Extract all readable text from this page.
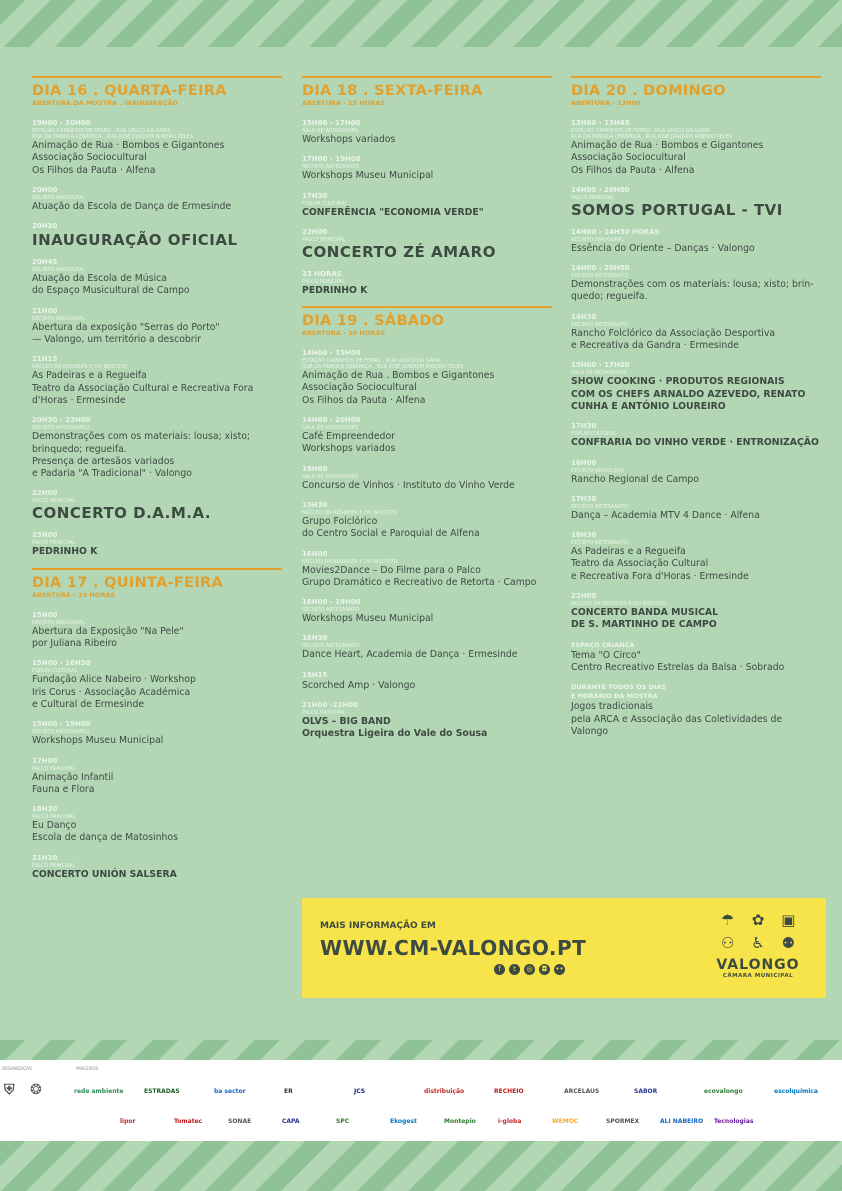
DIA 16 . QUARTA-FEIRA
ABERTURA DA MOSTRA . INAUGURAÇÃO
19H00 › 20H00
ESTAÇÃO CAMINHOS DE FERRO . RUA VASCO DA GAMA
RUA DA FÁBRICA CERÂMICA . RUA JOSÉ JOAQUIM RIBEIRO TELES
Animação de Rua · Bombos e Gigantones
Associação Sociocultural
Os Filhos da Pauta · Alfena
20H00
RECINTO INAUGURAL
Atuação da Escola de Dança de Ermesinde
20H30
INAUGURAÇÃO OFICIAL
20H45
RECINTO INAUGURAL
Atuação da Escola de Música
do Espaço Musicultural de Campo
21H00
RECINTO INAUGURAL
Abertura da exposição "Serras do Porto"
— Valongo, um território a descobrir
21H15
NÚCLEO DA REGUEIFA E DO BISCOITO
As Padeiras e a Regueifa
Teatro da Associação Cultural e Recreativa Fora
d'Horas · Ermesinde
20H30 › 23H00
RECINTO ARTESANATO
Demonstrações com os materiais: lousa; xisto;
brinquedo; regueifa.
Presença de artesãos variados
e Padaria "A Tradicional" · Valongo
22H00
PALCO PRINCIPAL
CONCERTO D.A.M.A.
23H00
PALCO PRINCIPAL
PEDRINHO K
DIA 17 . QUINTA-FEIRA
ABERTURA › 15 HORAS
15H00
RECINTO INAUGURAL
Abertura da Exposição "Na Pele"
por Juliana Ribeiro
15H00 › 16H30
FÓRUM CULTURAL
Fundação Alice Nabeiro · Workshop
Iris Corus · Associação Académica
e Cultural de Ermesinde
15H00 › 19H00
RECINTO ARTESANATO
Workshops Museu Municipal
17H00
PALCO PRINCIPAL
Animação Infantil
Fauna e Flora
18H30
PALCO PRINCIPAL
Eu Danço
Escola de dança de Matosinhos
21H30
PALCO PRINCIPAL
CONCERTO UNIÓN SALSERA
DIA 18 . SEXTA-FEIRA
ABERTURA › 15 HORAS
15H00 › 17H00
SALA DE WORKSHOPS
Workshops variados
17H00 › 19H00
RECINTO ARTESANATO
Workshops Museu Municipal
17H30
FÓRUM CULTURAL
CONFERÊNCIA "ECONOMIA VERDE"
22H00
PALCO PRINCIPAL
CONCERTO ZÉ AMARO
23 HORAS
PALCO PRINCIPAL
PEDRINHO K
DIA 19 . SÁBADO
ABERTURA › 10 HORAS
14H00 › 15H00
ESTAÇÃO CAMINHOS DE FERRO . RUA VASCO DA GAMA
RUA DA FÁBRICA CERÂMICA . RUA JOSÉ JOAQUIM RIBEIRO TELES
Animação de Rua . Bombos e Gigantones
Associação Sociocultural
Os Filhos da Pauta · Alfena
14H00 › 20H00
SALA DE WORKSHOPS
Café Empreendedor
Workshops variados
19H00
SALA DE WORKSHOPS
Concurso de Vinhos · Instituto do Vinho Verde
15H30
NÚCLEO DA REGUEIFA E DO BISCOITO
Grupo Folclórico
do Centro Social e Paroquial de Alfena
16H00
NÚCLEO DA REGUEIFA E DO BISCOITO
Movies2Dance – Do Filme para o Palco
Grupo Dramático e Recreativo de Retorta · Campo
16H00 › 19H00
RECINTO ARTESANATO
Workshops Museu Municipal
16H30
RECINTO ARTESANATO
Dance Heart, Academia de Dança · Ermesinde
19H15
Scorched Amp · Valongo
21H00 ›22H00
PALCO PRINCIPAL
OLVS – BIG BAND
Orquestra Ligeira do Vale do Sousa
DIA 20 . DOMINGO
ABERTURA › 13H00
13H00 › 13H45
ESTAÇÃO CAMINHOS DE FERRO . RUA VASCO DA GAMA
RUA DA FÁBRICA CERÂMICA . RUA JOSÉ JOAQUIM RIBEIRO TELES
Animação de Rua · Bombos e Gigantones
Associação Sociocultural
Os Filhos da Pauta · Alfena
14H00 › 20H00
PALCO PRINCIPAL
SOMOS PORTUGAL - TVI
14H00 › 14H30 HORAS
RECINTO INAUGURAL
Essência do Oriente – Danças · Valongo
14H00 › 20H00
RECINTO ARTESANATO
Demonstrações com os materiais: lousa; xisto; brin-
quedo; regueifa.
14H30
RECINTO ARTESANATO
Rancho Folclórico da Associação Desportiva
e Recreativa da Gandra · Ermesinde
15H00 › 17H00
SALA DE WORKSHOPS
SHOW COOKING · PRODUTOS REGIONAIS
COM OS CHEFS ARNALDO AZEVEDO, RENATO
CUNHA E ANTÓNIO LOUREIRO
17H30
FÓRUM CULTURAL
CONFRARIA DO VINHO VERDE · ENTRONIZAÇÃO
16H00
RECINTO INAUGURAL
Rancho Regional de Campo
17H30
RECINTO ARTESANATO
Dança – Academia MTV 4 Dance · Alfena
18H30
RECINTO ARTESANATO
As Padeiras e a Regueifa
Teatro da Associação Cultural
e Recreativa Fora d'Horas · Ermesinde
22H00
NÚCLEO DA REGUEIFA E DO BISCOITO
CONCERTO BANDA MUSICAL
DE S. MARTINHO DE CAMPO
ESPAÇO CRIANÇA
Tema "O Circo"
Centro Recreativo Estrelas da Balsa · Sobrado
DURANTE TODOS OS DIAS
E HORÁRIO DA MOSTRA
Jogos tradicionais
pela ARCA e Associação das Coletividades de Valongo
MAIS INFORMAÇÃO EM
WWW.CM-VALONGO.PT
f	t	◎	◘	••
☂	✿	▣
⚇	♿	⚉
VALONGO
CÂMARA MUNICIPAL
ORGANIZAÇÃO	PARCEIROS
⛨ ❂	rede ambiente	ESTRADAS	ba sector	ER	JCS	distribuição	RECHEIO	ARCELAUS	SABOR	ecovalongo	escolquímica
lipor	Tomatec	SONAE	CAPA	SPC	Ekogest	Montepio	i-globa	WEMOC	SPORMEX	ALI NABEIRO Tecnologias
